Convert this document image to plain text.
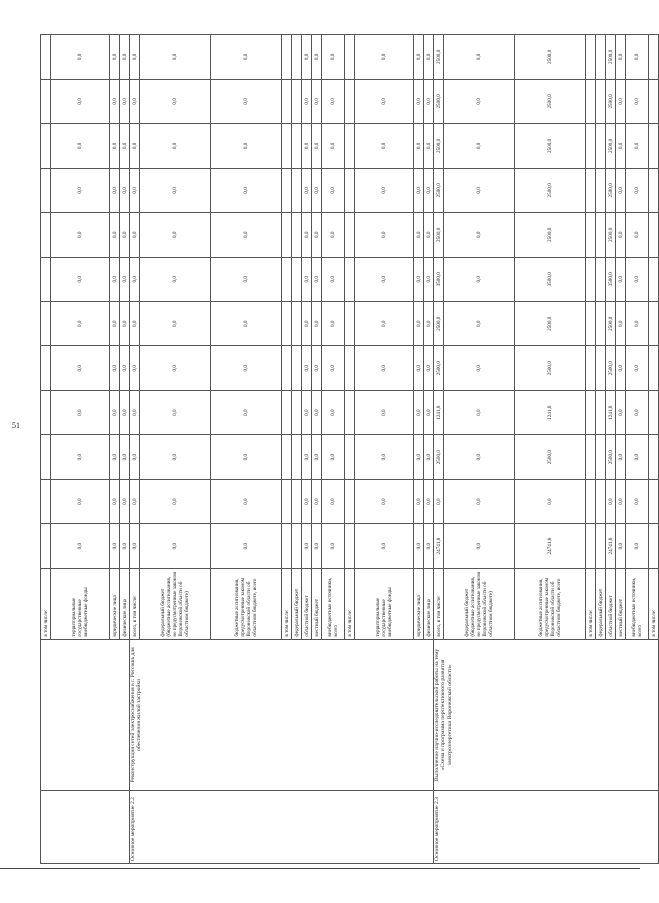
51
		в том числе:												
		территориальные государственные внебюджетные фонды	0,0	0,0	0,0	0,0	0,0	0,0	0,0	0,0	0,0	0,0	0,0	0,0
		юридические лица	0,0	0,0	0,0	0,0	0,0	0,0	0,0	0,0	0,0	0,0	0,0	0,0
		физические лица	0,0	0,0	0,0	0,0	0,0	0,0	0,0	0,0	0,0	0,0	0,0	0,0
Основное мероприятие 2.2	Реконструкция сетей электроснабжения в г. Россошь для обеспечения жилой застройки	всего, в том числе:	0,0	0,0	0,0	0,0	0,0	0,0	0,0	0,0	0,0	0,0	0,0	0,0
		федеральный бюджет (бюджетные ассигнования, не предусмотренные законом Воронежской области об областном бюджете)	0,0	0,0	0,0	0,0	0,0	0,0	0,0	0,0	0,0	0,0	0,0	0,0
		бюджетные ассигнования, предусмотренные законом Воронежской области об областном бюджете, всего	0,0	0,0	0,0	0,0	0,0	0,0	0,0	0,0	0,0	0,0	0,0	0,0
		в том числе:												
		федеральный бюджет												
		областной бюджет	0,0	0,0	0,0	0,0	0,0	0,0	0,0	0,0	0,0	0,0	0,0	0,0
		местный бюджет	0,0	0,0	0,0	0,0	0,0	0,0	0,0	0,0	0,0	0,0	0,0	0,0
		внебюджетные источники, всего	0,0	0,0	0,0	0,0	0,0	0,0	0,0	0,0	0,0	0,0	0,0	0,0
		в том числе:												
		территориальные государственные внебюджетные фонды	0,0	0,0	0,0	0,0	0,0	0,0	0,0	0,0	0,0	0,0	0,0	0,0
		юридические лица	0,0	0,0	0,0	0,0	0,0	0,0	0,0	0,0	0,0	0,0	0,0	0,0
		физические лица	0,0	0,0	0,0	0,0	0,0	0,0	0,0	0,0	0,0	0,0	0,0	0,0
Основное мероприятие 2.3	Выполнение научно-исследовательской работы на тему «Схема и программа перспективного развития электроэнергетики Воронежской области»	всего, в том числе:	24741,8	0,0	2500,0	1241,8	2500,0	2500,0	3500,0	2500,0	2500,0	2500,0	2500,0	2500,0
		федеральный бюджет (бюджетные ассигнования, не предусмотренные законом Воронежской области об областном бюджете)	0,0	0,0	0,0	0,0	0,0	0,0	0,0	0,0	0,0	0,0	0,0	0,0
		бюджетные ассигнования, предусмотренные законом Воронежской области об областном бюджете, всего	24741,8	0,0	2500,0	1241,8	2500,0	2500,0	3500,0	2500,0	2500,0	2500,0	2500,0	2500,0
		в том числе:												
		федеральный бюджет												
		областной бюджет	24741,8	0,0	2500,0	1241,8	2500,0	2500,0	3500,0	2500,0	2500,0	2500,0	2500,0	2500,0
		местный бюджет	0,0	0,0	0,0	0,0	0,0	0,0	0,0	0,0	0,0	0,0	0,0	0,0
		внебюджетные источники, всего	0,0	0,0	0,0	0,0	0,0	0,0	0,0	0,0	0,0	0,0	0,0	0,0
		в том числе:												
